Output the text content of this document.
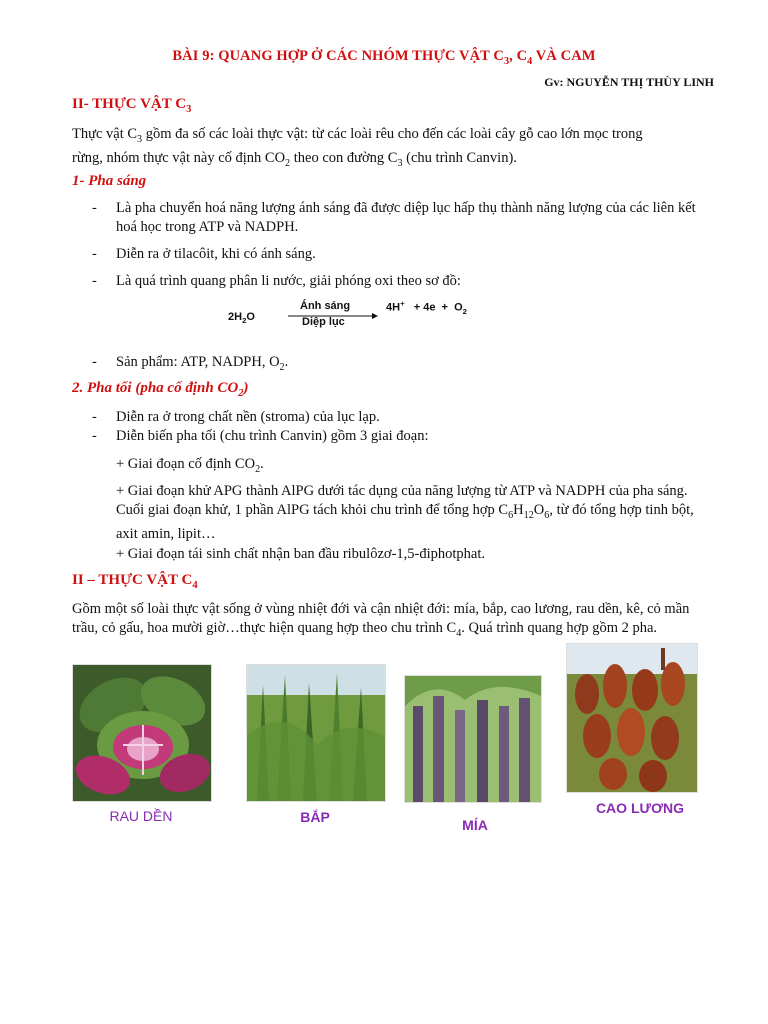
BÀI 9: QUANG HỢP Ở CÁC NHÓM THỰC VẬT $C_3$, $C_4$ VÀ CAM
Gv: NGUYỄN THỊ THÙY LINH
II- THỰC VẬT $C_3$
Thực vật $C_3$ gồm đa số các loài thực vật: từ các loài rêu cho đến các loài cây gỗ cao lớn mọc trong
rừng, nhóm thực vật này cố định $CO_2$ theo con đường $C_3$ (chu trình Canvin).
1- Pha sáng
- Là pha chuyển hoá năng lượng ánh sáng đã được diệp lục hấp thụ thành năng lượng của các liên kết hoá học trong ATP và NADPH.
- Diễn ra ở tilacôit, khi có ánh sáng.
- Là quá trình quang phân li nước, giải phóng oxi theo sơ đồ:
$2H_2O$
Ánh sáng
Diệp lục
$4H^+ + 4e + O_2$
- Sản phẩm: ATP, NADPH, $O_2$.
2. Pha tối (pha cố định $CO_2$)
- Diễn ra ở trong chất nền (stroma) của lục lạp.
- Diễn biến pha tối (chu trình Canvin) gồm 3 giai đoạn:
+ Giai đoạn cố định $CO_2$.
+ Giai đoạn khử APG thành AlPG dưới tác dụng của năng lượng từ ATP và NADPH của pha sáng. Cuối giai đoạn khử, 1 phần AlPG tách khỏi chu trình để tổng hợp $C_6H_{12}O_6$, từ đó tổng hợp tinh bột, axit amin, lipit…
+ Giai đoạn tái sinh chất nhận ban đầu ribulôzơ-1,5-điphotphat.
II – THỰC VẬT $C_4$
Gồm một số loài thực vật sống ở vùng nhiệt đới và cận nhiệt đới: mía, bắp, cao lương, rau dền, kê, cỏ mần trầu, cỏ gấu, hoa mười giờ…thực hiện quang hợp theo chu trình $C_4$. Quá trình quang hợp gồm 2 pha.
RAU DỀN	BẮP	MÍA
CAO LƯƠNG
